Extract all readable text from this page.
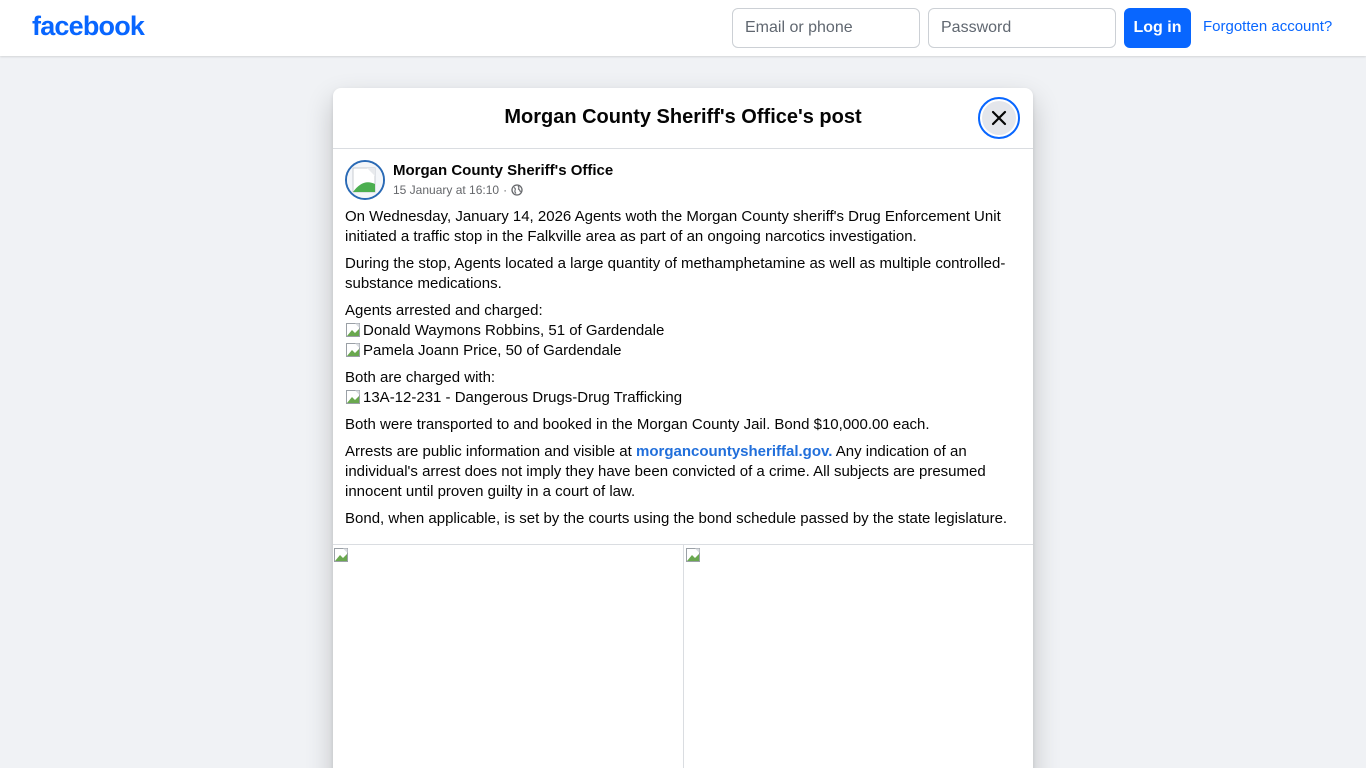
facebook
Email or phone	Log in	Forgotten account?
Morgan County Sheriff's Office's post
Morgan County Sheriff's Office
15 January at 16:10 ·

On Wednesday, January 14, 2026 Agents woth the Morgan County sheriff's Drug Enforcement Unit initiated a traffic stop in the Falkville area as part of an ongoing narcotics investigation.

During the stop, Agents located a large quantity of methamphetamine as well as multiple controlled-substance medications.

Agents arrested and charged:
Donald Waymons Robbins, 51 of Gardendale
Pamela Joann Price, 50 of Gardendale

Both are charged with:
13A-12-231 - Dangerous Drugs-Drug Trafficking

Both were transported to and booked in the Morgan County Jail. Bond $10,000.00 each.

Arrests are public information and visible at morgancountysheriffal.gov. Any indication of an individual's arrest does not imply they have been convicted of a crime. All subjects are presumed innocent until proven guilty in a court of law.

Bond, when applicable, is set by the courts using the bond schedule passed by the state legislature.
